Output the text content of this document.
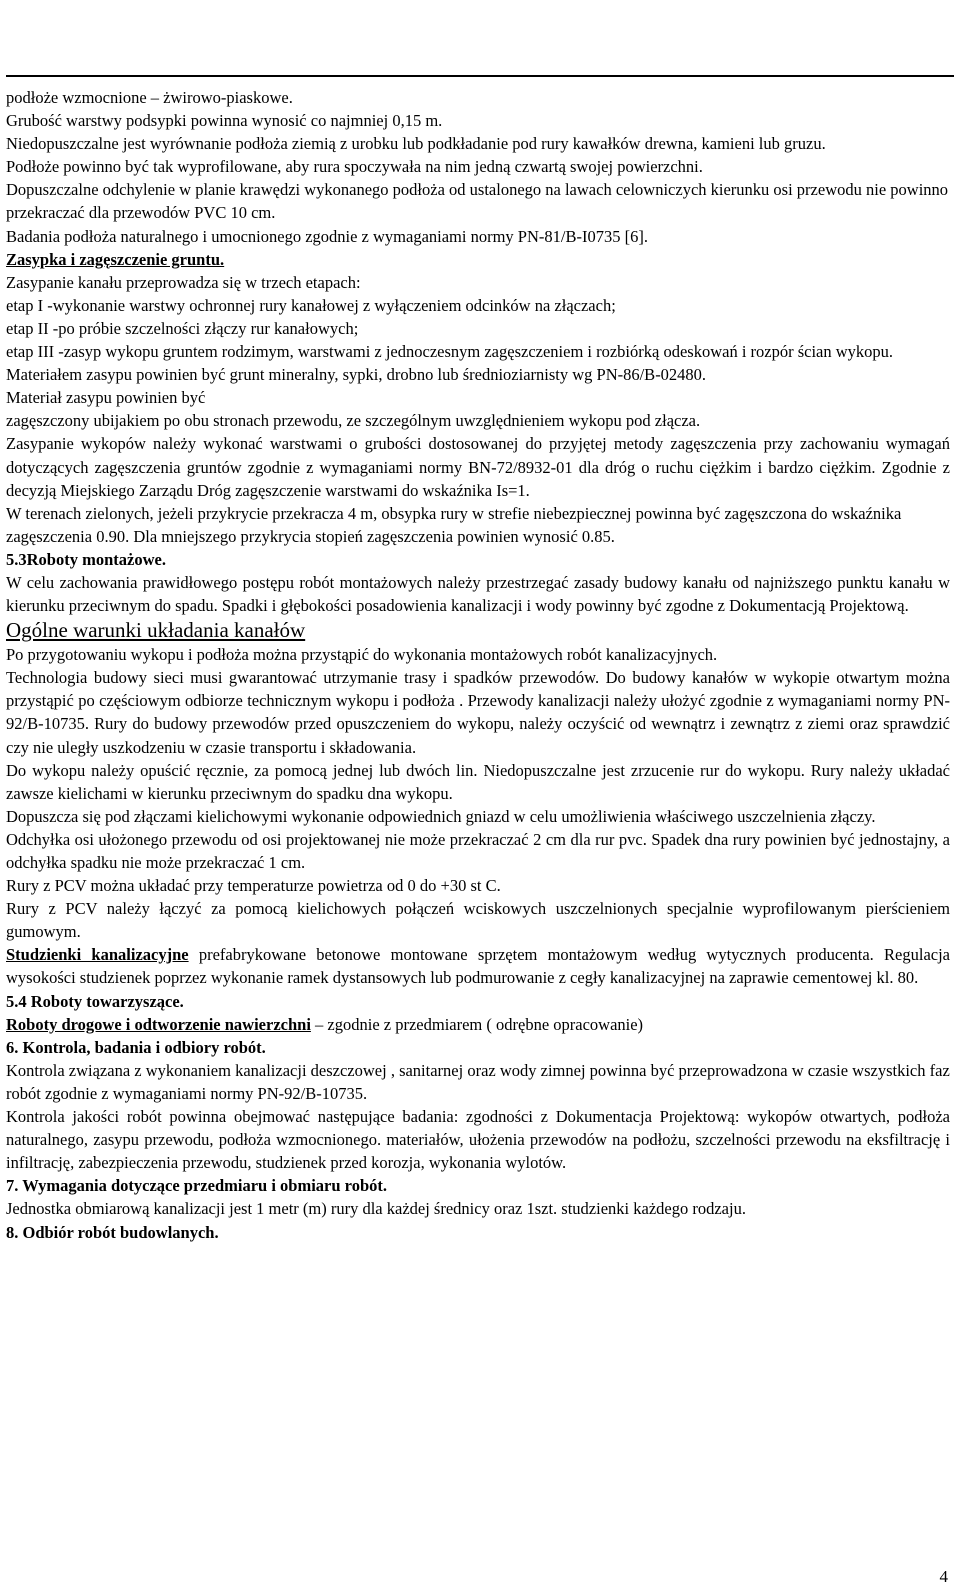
PRZEDSZKOLE NR 19, UL. HARCERSKA 4 W GDYNI
ODPROWADZENIE WÓD OPADOWYCH Z TERENU PRZEDSZKOLA NR 19 W GDYNI
(Rozdział kanalizacji sanitarnej od kanalizacji deszczowej)

podłoże wzmocnione – żwirowo-piaskowe.

Grubość warstwy podsypki powinna wynosić co najmniej 0,15 m.

Niedopuszczalne jest wyrównanie podłoża ziemią z urobku lub podkładanie pod rury kawałków drewna, kamieni lub gruzu.

Podłoże powinno być tak wyprofilowane, aby rura spoczywała na nim jedną czwartą swojej powierzchni.

Dopuszczalne odchylenie w planie krawędzi wykonanego podłoża od ustalonego na lawach celowniczych kierunku osi przewodu nie powinno przekraczać dla przewodów PVC 10 cm.

Badania podłoża naturalnego i umocnionego zgodnie z wymaganiami normy PN-81/B-I0735 [6].

Zasypka i zagęszczenie gruntu.

Zasypanie kanału przeprowadza się w trzech etapach:

etap I -wykonanie warstwy ochronnej rury kanałowej z wyłączeniem odcinków na złączach;

etap II -po próbie szczelności złączy rur kanałowych;

etap III -zasyp wykopu gruntem rodzimym, warstwami z jednoczesnym zagęszczeniem i rozbiórką odeskowań i rozpór ścian wykopu.

Materiałem zasypu powinien być grunt mineralny, sypki, drobno lub średnioziarnisty wg PN-86/B-02480.

Materiał zasypu powinien być

zagęszczony ubijakiem po obu stronach przewodu, ze szczególnym uwzględnieniem wykopu pod złącza.

Zasypanie wykopów należy wykonać warstwami o grubości dostosowanej do przyjętej metody zagęszczenia przy zachowaniu wymagań dotyczących zagęszczenia gruntów zgodnie z wymaganiami normy BN-72/8932-01 dla dróg o ruchu ciężkim i bardzo ciężkim. Zgodnie z decyzją Miejskiego Zarządu Dróg zagęszczenie warstwami do wskaźnika Is=1.

W terenach zielonych, jeżeli przykrycie przekracza 4 m, obsypka rury w strefie niebezpiecznej powinna być zagęszczona do wskaźnika zagęszczenia 0.90. Dla mniejszego przykrycia stopień zagęszczenia powinien wynosić 0.85.

5.3Roboty montażowe.

W celu zachowania prawidłowego postępu robót montażowych należy przestrzegać zasady budowy kanału od najniższego punktu kanału w kierunku przeciwnym do spadu. Spadki i głębokości posadowienia kanalizacji i wody powinny być zgodne z Dokumentacją Projektową.

Ogólne warunki układania kanałów

Po przygotowaniu wykopu i podłoża można przystąpić do wykonania montażowych robót kanalizacyjnych.

Technologia budowy sieci musi gwarantować utrzymanie trasy i spadków przewodów. Do budowy kanałów w wykopie otwartym można przystąpić po częściowym odbiorze technicznym wykopu i podłoża . Przewody kanalizacji należy ułożyć zgodnie z wymaganiami normy PN-92/B-10735. Rury do budowy przewodów przed opuszczeniem do wykopu, należy oczyścić od wewnątrz i zewnątrz z ziemi oraz sprawdzić czy nie uległy uszkodzeniu w czasie transportu i składowania.

Do wykopu należy opuścić ręcznie, za pomocą jednej lub dwóch lin. Niedopuszczalne jest zrzucenie rur do wykopu. Rury należy układać zawsze kielichami w kierunku przeciwnym do spadku dna wykopu.

Dopuszcza się pod złączami kielichowymi wykonanie odpowiednich gniazd w celu umożliwienia właściwego uszczelnienia złączy.

Odchyłka osi ułożonego przewodu od osi projektowanej nie może przekraczać 2 cm dla rur pvc. Spadek dna rury powinien być jednostajny, a odchyłka spadku nie może przekraczać 1 cm.

Rury z PCV można układać przy temperaturze powietrza od 0 do +30 st C.

Rury z PCV należy łączyć za pomocą kielichowych połączeń wciskowych uszczelnionych specjalnie wyprofilowanym pierścieniem gumowym.

Studzienki kanalizacyjne prefabrykowane betonowe montowane sprzętem montażowym według wytycznych producenta. Regulacja wysokości studzienek poprzez wykonanie ramek dystansowych lub podmurowanie z cegły kanalizacyjnej na zaprawie cementowej kl. 80.

5.4 Roboty towarzyszące.

Roboty drogowe i odtworzenie nawierzchni – zgodnie z przedmiarem ( odrębne opracowanie)

6. Kontrola, badania i odbiory robót.

Kontrola związana z wykonaniem kanalizacji deszczowej , sanitarnej oraz wody zimnej powinna być przeprowadzona w czasie wszystkich faz robót zgodnie z wymaganiami normy PN-92/B-10735.

Kontrola jakości robót powinna obejmować następujące badania: zgodności z Dokumentacja Projektową: wykopów otwartych, podłoża naturalnego, zasypu przewodu, podłoża wzmocnionego. materiałów, ułożenia przewodów na podłożu, szczelności przewodu na eksfiltrację i infiltrację, zabezpieczenia przewodu, studzienek przed korozja, wykonania wylotów.

7. Wymagania dotyczące przedmiaru i obmiaru robót.

Jednostka obmiarową kanalizacji jest 1 metr (m) rury dla każdej średnicy oraz 1szt. studzienki każdego rodzaju.

8. Odbiór robót budowlanych.

4
